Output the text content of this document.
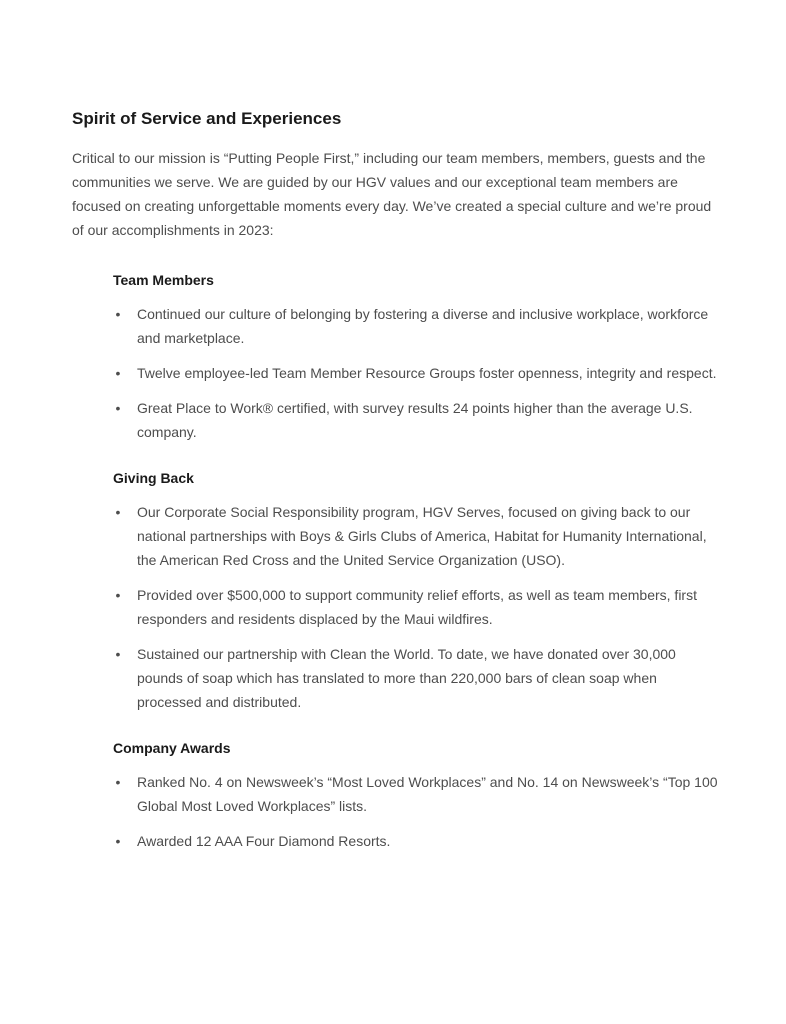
Spirit of Service and Experiences

Critical to our mission is “Putting People First,” including our team members, members, guests and the communities we serve. We are guided by our HGV values and our exceptional team members are focused on creating unforgettable moments every day. We’ve created a special culture and we’re proud of our accomplishments in 2023:

Team Members
• Continued our culture of belonging by fostering a diverse and inclusive workplace, workforce and marketplace.
• Twelve employee-led Team Member Resource Groups foster openness, integrity and respect.
• Great Place to Work® certified, with survey results 24 points higher than the average U.S. company.
Giving Back
• Our Corporate Social Responsibility program, HGV Serves, focused on giving back to our national partnerships with Boys & Girls Clubs of America, Habitat for Humanity International, the American Red Cross and the United Service Organization (USO).
• Provided over $500,000 to support community relief efforts, as well as team members, first responders and residents displaced by the Maui wildfires.
• Sustained our partnership with Clean the World. To date, we have donated over 30,000 pounds of soap which has translated to more than 220,000 bars of clean soap when processed and distributed.
Company Awards
• Ranked No. 4 on Newsweek’s “Most Loved Workplaces” and No. 14 on Newsweek’s “Top 100 Global Most Loved Workplaces” lists.
• Awarded 12 AAA Four Diamond Resorts.
